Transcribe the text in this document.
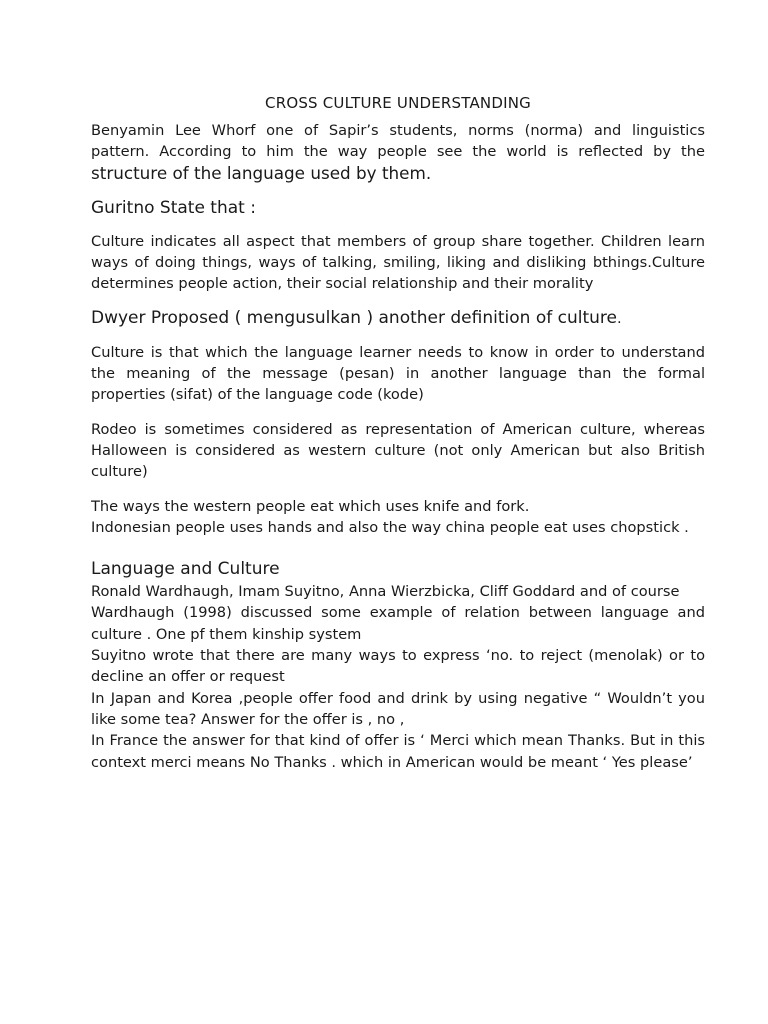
CROSS CULTURE UNDERSTANDING

Benyamin Lee Whorf one of Sapir’s students, norms (norma) and linguistics pattern. According to him the way people see the world is reflected by the structure of the language used by them.

Guritno State that :

Culture indicates all aspect that members of group share together. Children learn ways of doing things, ways of talking, smiling, liking and disliking bthings.Culture determines people action, their social relationship and their morality

Dwyer Proposed ( mengusulkan ) another definition of culture.

Culture is that which the language learner needs to know in order to understand the meaning of the message (pesan) in another language than the formal properties (sifat) of the language code (kode)

Rodeo is sometimes considered as representation of American culture, whereas Halloween is considered as western culture (not only American but also British culture)

The ways the western people eat which uses knife and fork.

Indonesian people uses hands and also the way china people eat uses chopstick .

Language and Culture

Ronald Wardhaugh, Imam Suyitno, Anna Wierzbicka, Cliff Goddard and of course

Wardhaugh (1998) discussed some example of relation between language and culture . One pf them kinship system

Suyitno wrote that there are many ways to express ‘no. to reject (menolak) or to decline an offer or request

In Japan and Korea ,people offer food and drink by using negative “ Wouldn’t you like some tea? Answer for the offer is , no ,

In France the answer for that kind of offer is ‘ Merci which mean Thanks. But in this context merci means No Thanks . which in American would be meant ‘ Yes please’
